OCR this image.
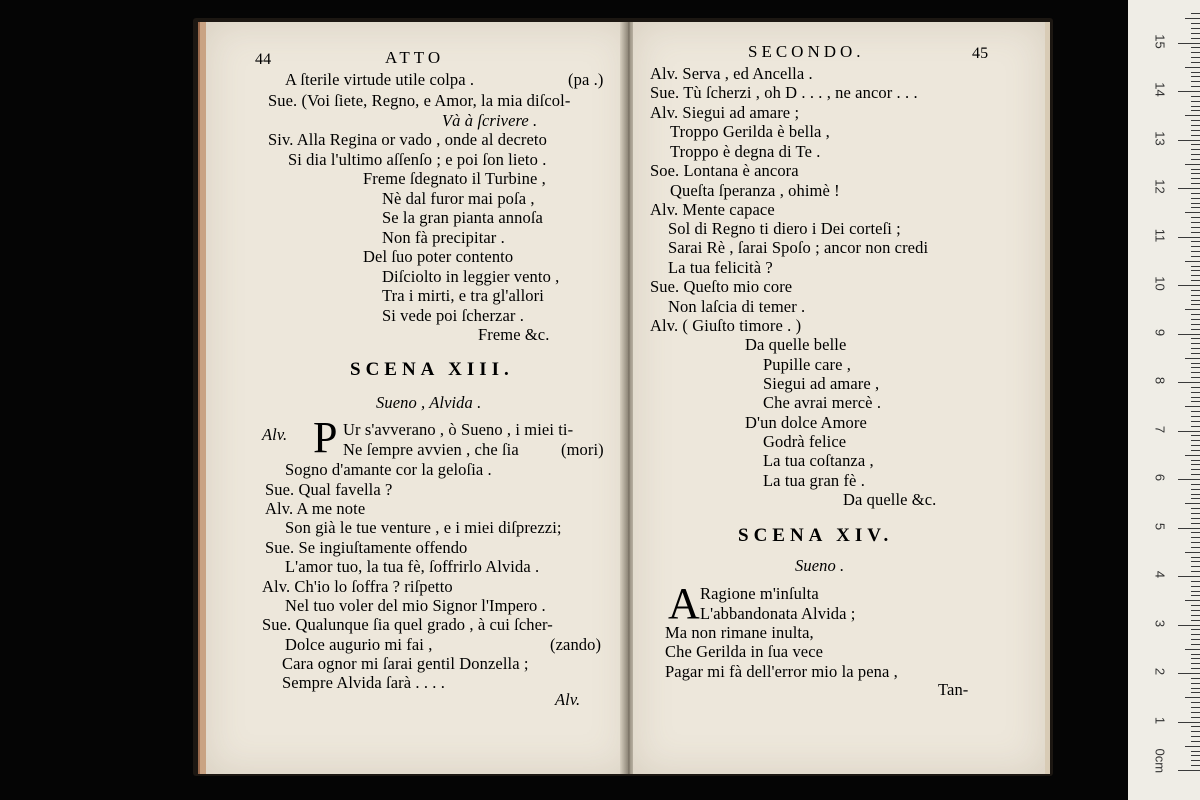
44	ATTO
A ſterile virtude utile colpa .	(pa .)
Sue. (Voi ſiete, Regno, e Amor, la mia diſcol-
Và à ſcrivere .
Siv. Alla Regina or vado , onde al decreto
Si dia l'ultimo aſſenſo ; e poi ſon lieto .
Freme ſdegnato il Turbine ,
Nè dal furor mai poſa ,
Se la gran pianta annoſa
Non fà precipitar .
Del ſuo poter contento
Diſciolto in leggier vento ,
Tra i mirti, e tra gl'allori
Si vede poi ſcherzar .
Freme &c.
SCENA XIII.
Sueno , Alvida .
Alv. P Ur s'avverano , ò Sueno , i miei ti-
Ne ſempre avvien , che ſia	(mori)
Sogno d'amante cor la geloſia .
Sue. Qual favella ?
Alv. A me note
Son già le tue venture , e i miei diſprezzi;
Sue. Se ingiuſtamente offendo
L'amor tuo, la tua fè, ſoffrirlo Alvida .
Alv. Ch'io lo ſoffra ? riſpetto
Nel tuo voler del mio Signor l'Impero .
Sue. Qualunque ſia quel grado , à cui ſcher-
Dolce augurio mi fai ,	(zando)
Cara ognor mi ſarai gentil Donzella ;
Sempre Alvida ſarà . . . .
Alv.
SECONDO.	45
Alv. Serva , ed Ancella .
Sue. Tù ſcherzi , oh D . . . , ne ancor . . .
Alv. Siegui ad amare ;
Troppo Gerilda è bella ,
Troppo è degna di Te .
Soe. Lontana è ancora
Queſta ſperanza , ohimè !
Alv. Mente capace
Sol di Regno ti diero i Dei corteſi ;
Sarai Rè , ſarai Spoſo ; ancor non credi
La tua felicità ?
Sue. Queſto mio core
Non laſcia di temer .
Alv. ( Giuſto timore . )
Da quelle belle
Pupille care ,
Siegui ad amare ,
Che avrai mercè .
D'un dolce Amore
Godrà felice
La tua coſtanza ,
La tua gran fè .
Da quelle &c.
SCENA XIV.
Sueno .
A Ragione m'inſulta
L'abbandonata Alvida ;
Ma non rimane inulta,
Che Gerilda in ſua vece
Pagar mi fà dell'error mio la pena ,
Tan-
0cm
1
2
3
4
5
6
7
8
9
10
11
12
13
14
15
